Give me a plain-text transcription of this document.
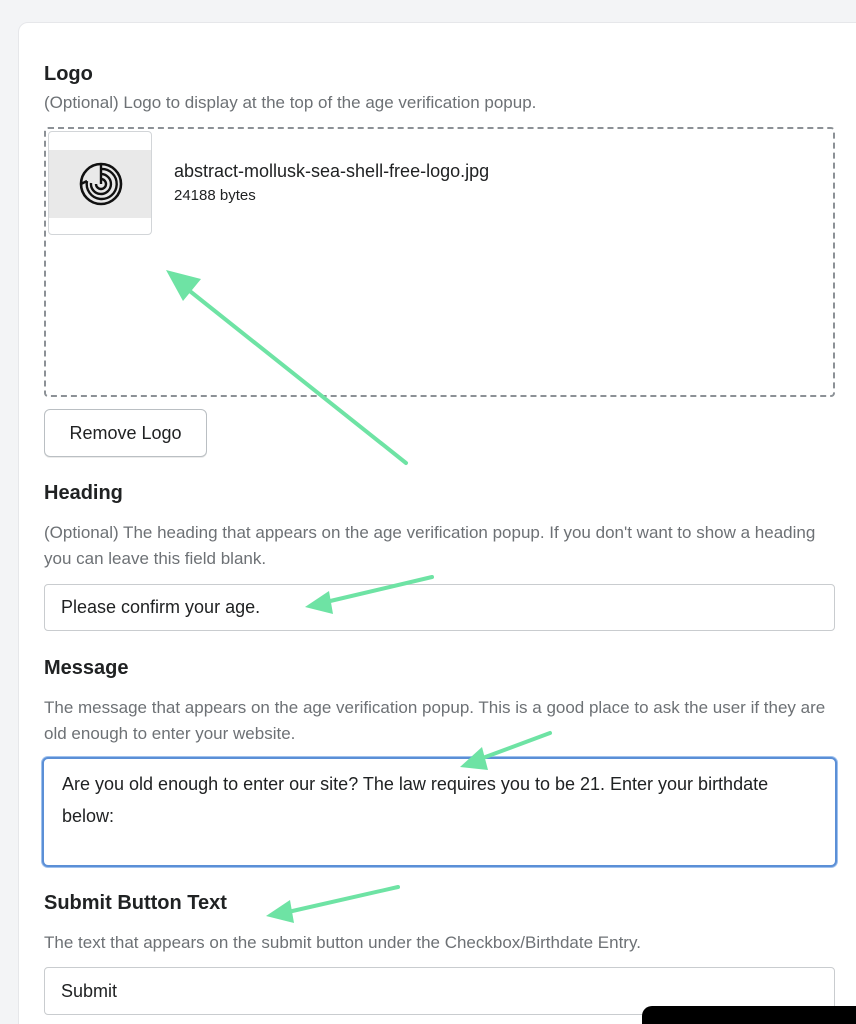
Logo
(Optional) Logo to display at the top of the age verification popup.
abstract-mollusk-sea-shell-free-logo.jpg
24188 bytes
Remove Logo
Heading
(Optional) The heading that appears on the age verification popup. If you don't want to show a heading you can leave this field blank.
Please confirm your age.
Message
The message that appears on the age verification popup. This is a good place to ask the user if they are old enough to enter your website.
Are you old enough to enter our site? The law requires you to be 21. Enter your birthdate below:
Submit Button Text
The text that appears on the submit button under the Checkbox/Birthdate Entry.
Submit
